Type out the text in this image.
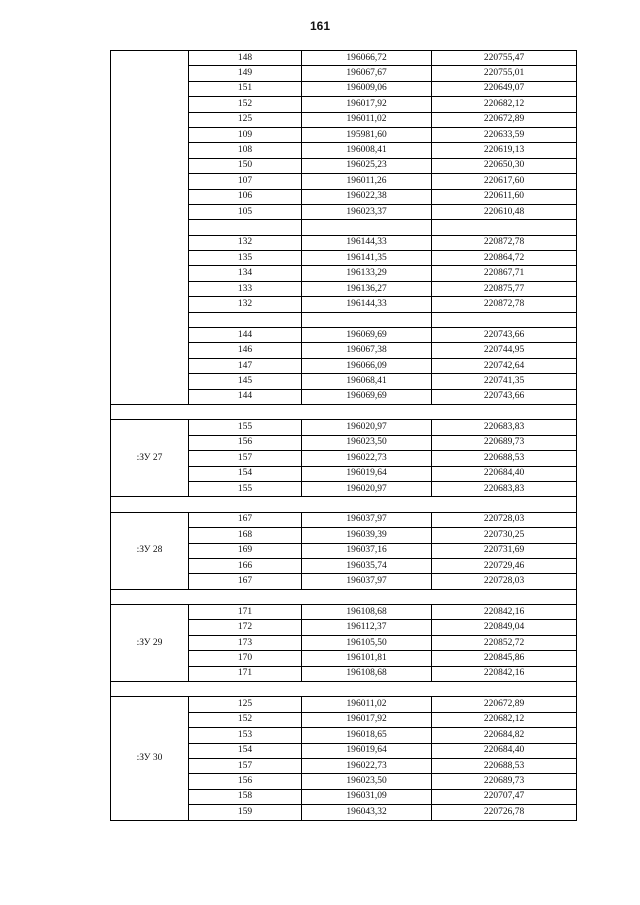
161
	148	196066,72	220755,47
	149	196067,67	220755,01
	151	196009,06	220649,07
	152	196017,92	220682,12
	125	196011,02	220672,89
	109	195981,60	220633,59
	108	196008,41	220619,13
	150	196025,23	220650,30
	107	196011,26	220617,60
	106	196022,38	220611,60
	105	196023,37	220610,48

	132	196144,33	220872,78
	135	196141,35	220864,72
	134	196133,29	220867,71
	133	196136,27	220875,77
	132	196144,33	220872,78

	144	196069,69	220743,66
	146	196067,38	220744,95
	147	196066,09	220742,64
	145	196068,41	220741,35
	144	196069,69	220743,66

:ЗУ 27	155	196020,97	220683,83
	156	196023,50	220689,73
	157	196022,73	220688,53
	154	196019,64	220684,40
	155	196020,97	220683,83

:ЗУ 28	167	196037,97	220728,03
	168	196039,39	220730,25
	169	196037,16	220731,69
	166	196035,74	220729,46
	167	196037,97	220728,03

:ЗУ 29	171	196108,68	220842,16
	172	196112,37	220849,04
	173	196105,50	220852,72
	170	196101,81	220845,86
	171	196108,68	220842,16

:ЗУ 30	125	196011,02	220672,89
	152	196017,92	220682,12
	153	196018,65	220684,82
	154	196019,64	220684,40
	157	196022,73	220688,53
	156	196023,50	220689,73
	158	196031,09	220707,47
	159	196043,32	220726,78
